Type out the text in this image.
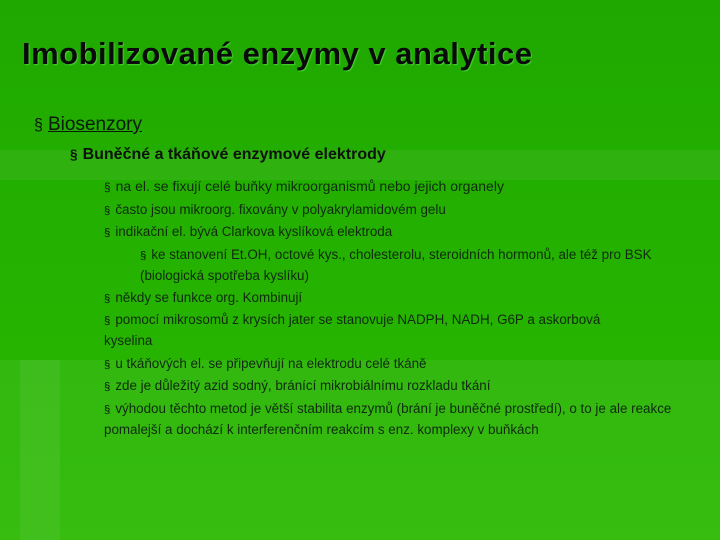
Imobilizované enzymy v analytice
§ Biosenzory
§ Buněčné a tkáňové enzymové elektrody
§ na el. se fixují celé buňky mikroorganismů nebo jejich organely
§ často jsou mikroorg. fixovány v polyakrylamidovém gelu
§ indikační el. bývá Clarkova kyslíková elektroda
§ ke stanovení Et.OH, octové kys., cholesterolu, steroidních hormonů, ale též pro BSK (biologická spotřeba kyslíku)
§ někdy se funkce org. Kombinují
§ pomocí mikrosomů z krysích jater se stanovuje NADPH, NADH, G6P a askorbová kyselina
§ u tkáňových el. se připevňují na elektrodu celé tkáně
§ zde je důležitý azid sodný, bránící mikrobiálnímu rozkladu tkání
§ výhodou těchto metod je větší stabilita enzymů (brání je buněčné prostředí), o to je ale reakce pomalejší a dochází k interferenčním reakcím s enz. komplexy v buňkách
